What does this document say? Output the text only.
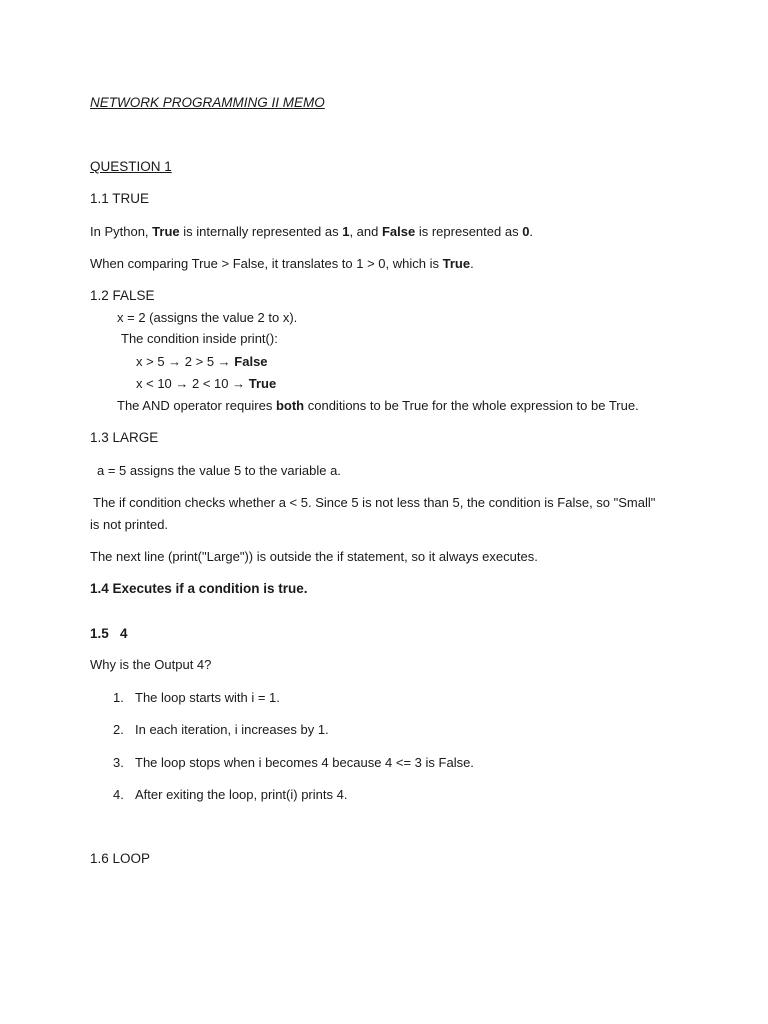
NETWORK PROGRAMMING II MEMO
QUESTION 1
1.1 TRUE
In Python, True is internally represented as 1, and False is represented as 0.
When comparing True > False, it translates to 1 > 0, which is True.
1.2 FALSE
x = 2 (assigns the value 2 to x).
The condition inside print():
x > 5 → 2 > 5 → False
x < 10 → 2 < 10 → True
The AND operator requires both conditions to be True for the whole expression to be True.
1.3 LARGE
a = 5 assigns the value 5 to the variable a.
The if condition checks whether a < 5. Since 5 is not less than 5, the condition is False, so "Small"
is not printed.
The next line (print("Large")) is outside the if statement, so it always executes.
1.4 Executes if a condition is true.
1.5   4
Why is the Output 4?
1. The loop starts with i = 1.
2. In each iteration, i increases by 1.
3. The loop stops when i becomes 4 because 4 <= 3 is False.
4. After exiting the loop, print(i) prints 4.
1.6 LOOP
